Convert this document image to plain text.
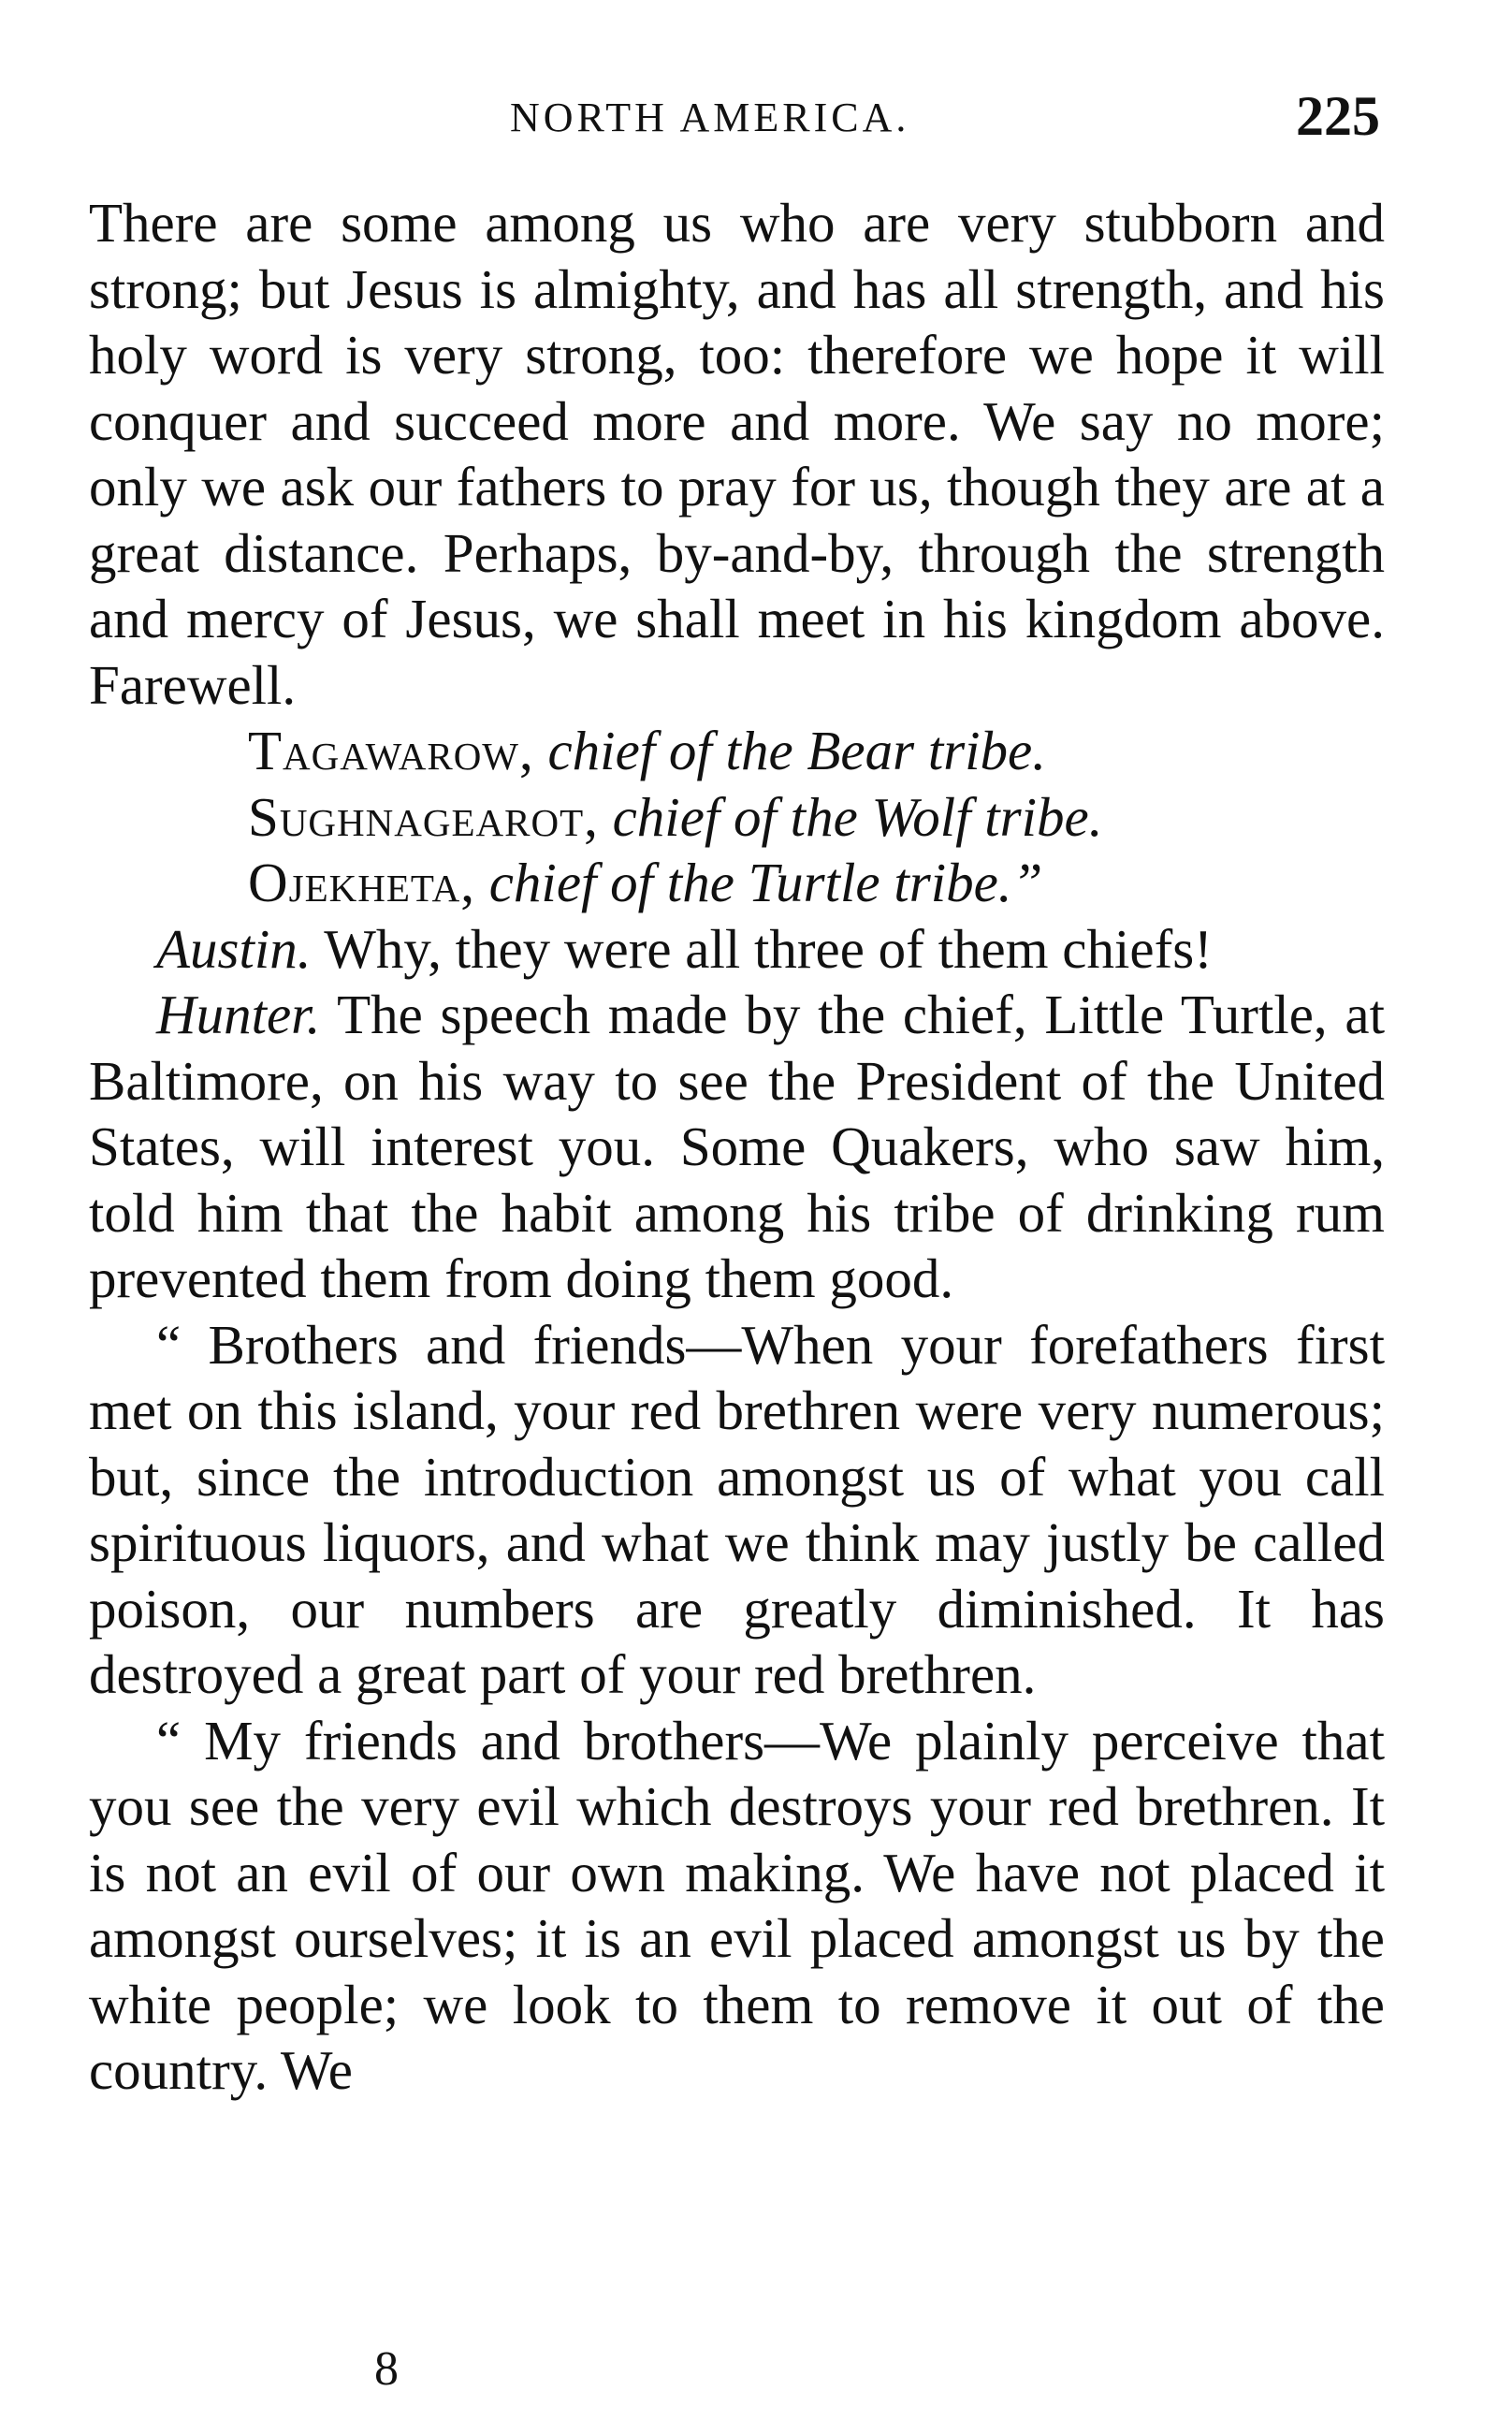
NORTH AMERICA.	225

There are some among us who are very stubborn and strong; but Jesus is almighty, and has all strength, and his holy word is very strong, too: therefore we hope it will conquer and succeed more and more. We say no more; only we ask our fathers to pray for us, though they are at a great distance. Perhaps, by-and-by, through the strength and mercy of Jesus, we shall meet in his kingdom above. Farewell.

Tagawarow, chief of the Bear tribe.

Sughnagearot, chief of the Wolf tribe.

Ojekheta, chief of the Turtle tribe.”

Austin. Why, they were all three of them chiefs!

Hunter. The speech made by the chief, Little Turtle, at Baltimore, on his way to see the President of the United States, will interest you. Some Quakers, who saw him, told him that the habit among his tribe of drinking rum prevented them from doing them good.

“ Brothers and friends—When your forefathers first met on this island, your red brethren were very numerous; but, since the introduction amongst us of what you call spirituous liquors, and what we think may justly be called poison, our numbers are greatly diminished. It has destroyed a great part of your red brethren.

“ My friends and brothers—We plainly perceive that you see the very evil which destroys your red brethren. It is not an evil of our own making. We have not placed it amongst ourselves; it is an evil placed amongst us by the white people; we look to them to remove it out of the country. We

8
